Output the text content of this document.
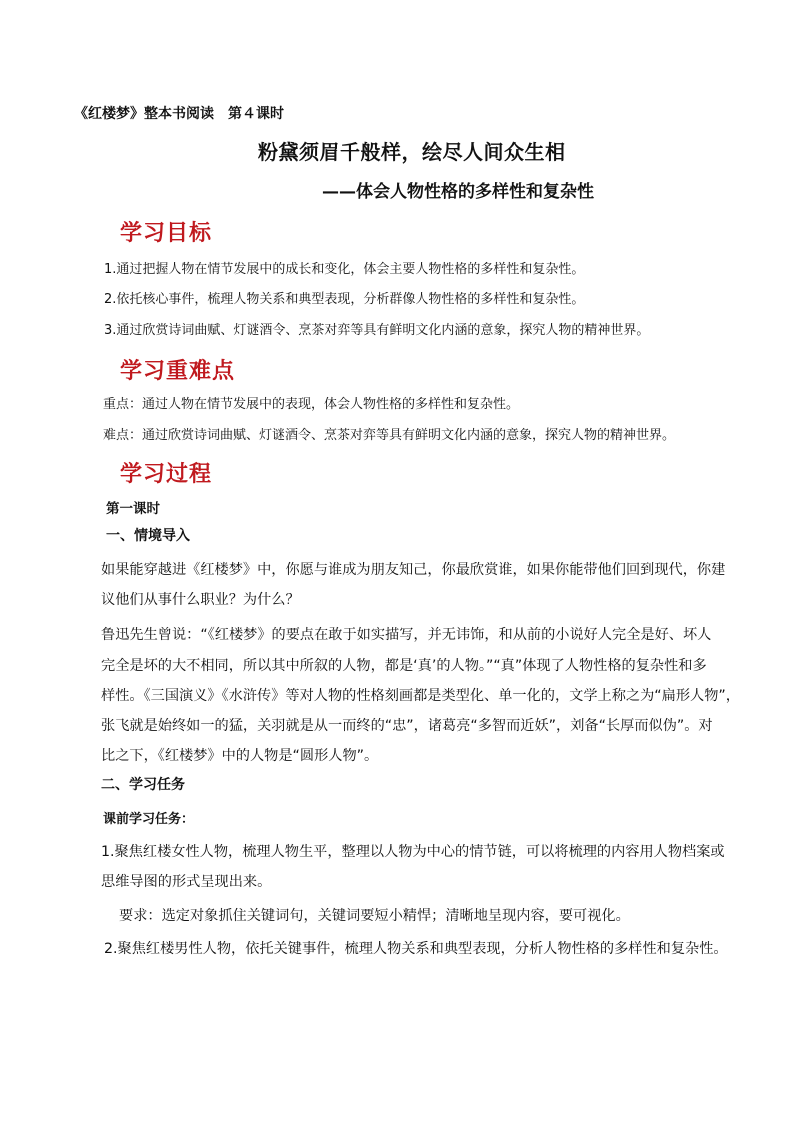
《红楼梦》整本书阅读　第４课时
粉黛须眉千般样，绘尽人间众生相
——体会人物性格的多样性和复杂性
学习目标
1.通过把握人物在情节发展中的成长和变化，体会主要人物性格的多样性和复杂性。
2.依托核心事件，梳理人物关系和典型表现，分析群像人物性格的多样性和复杂性。
3.通过欣赏诗词曲赋、灯谜酒令、烹茶对弈等具有鲜明文化内涵的意象，探究人物的精神世界。
学习重难点
重点：通过人物在情节发展中的表现，体会人物性格的多样性和复杂性。
难点：通过欣赏诗词曲赋、灯谜酒令、烹茶对弈等具有鲜明文化内涵的意象，探究人物的精神世界。
学习过程
第一课时
一、情境导入
如果能穿越进《红楼梦》中，你愿与谁成为朋友知己，你最欣赏谁，如果你能带他们回到现代，你建
议他们从事什么职业？为什么？
鲁迅先生曾说：“《红楼梦》的要点在敢于如实描写，并无讳饰，和从前的小说好人完全是好、坏人
完全是坏的大不相同，所以其中所叙的人物，都是‘真’的人物。”“真”体现了人物性格的复杂性和多
样性。《三国演义》《水浒传》等对人物的性格刻画都是类型化、单一化的，文学上称之为“扁形人物”，
张飞就是始终如一的猛，关羽就是从一而终的“忠”，诸葛亮“多智而近妖”，刘备“长厚而似伪”。对
比之下，《红楼梦》中的人物是“圆形人物”。
二、学习任务
课前学习任务：
1.聚焦红楼女性人物，梳理人物生平，整理以人物为中心的情节链，可以将梳理的内容用人物档案或
思维导图的形式呈现出来。
要求：选定对象抓住关键词句，关键词要短小精悍；清晰地呈现内容，要可视化。
2.聚焦红楼男性人物，依托关键事件，梳理人物关系和典型表现，分析人物性格的多样性和复杂性。
